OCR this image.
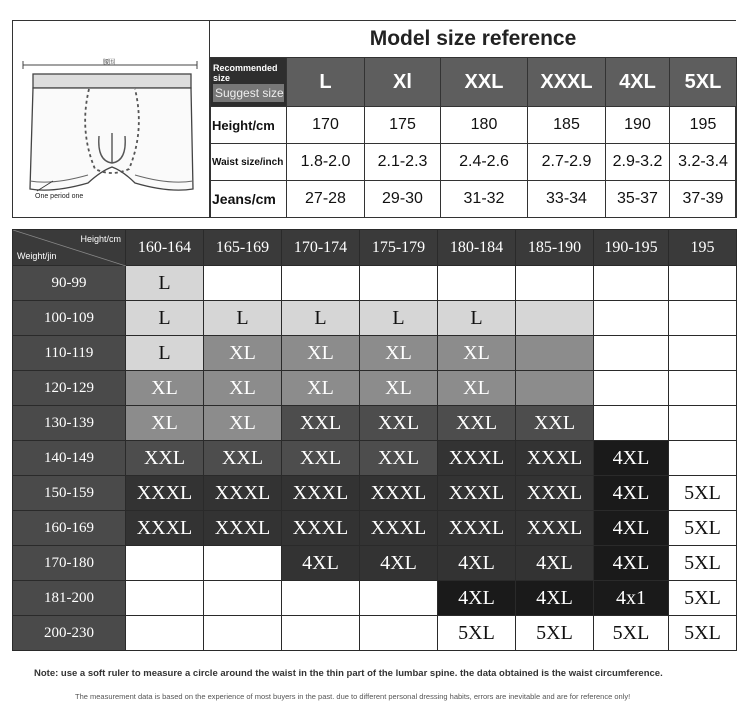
腰围
One period one
Model size reference
Recommended size
Suggest size	L	Xl	XXL	XXXL	4XL	5XL
Height/cm	170	175	180	185	190	195
Waist size/inch	1.8-2.0	2.1-2.3	2.4-2.6	2.7-2.9	2.9-3.2	3.2-3.4
Jeans/cm	27-28	29-30	31-32	33-34	35-37	37-39
Height/cm
Weight/jin	160-164	165-169	170-174	175-179	180-184	185-190	190-195	195
90-99	L							
100-109	L	L	L	L	L			
110-119	L	XL	XL	XL	XL			
120-129	XL	XL	XL	XL	XL			
130-139	XL	XL	XXL	XXL	XXL	XXL		
140-149	XXL	XXL	XXL	XXL	XXXL	XXXL	4XL	
150-159	XXXL	XXXL	XXXL	XXXL	XXXL	XXXL	4XL	5XL
160-169	XXXL	XXXL	XXXL	XXXL	XXXL	XXXL	4XL	5XL
170-180			4XL	4XL	4XL	4XL	4XL	5XL
181-200					4XL	4XL	4x1	5XL
200-230					5XL	5XL	5XL	5XL
Note: use a soft ruler to measure a circle around the waist in the thin part of the lumbar spine. the data obtained is the waist circumference.
The measurement data is based on the experience of most buyers in the past. due to different personal dressing habits, errors are inevitable and are for reference only!
